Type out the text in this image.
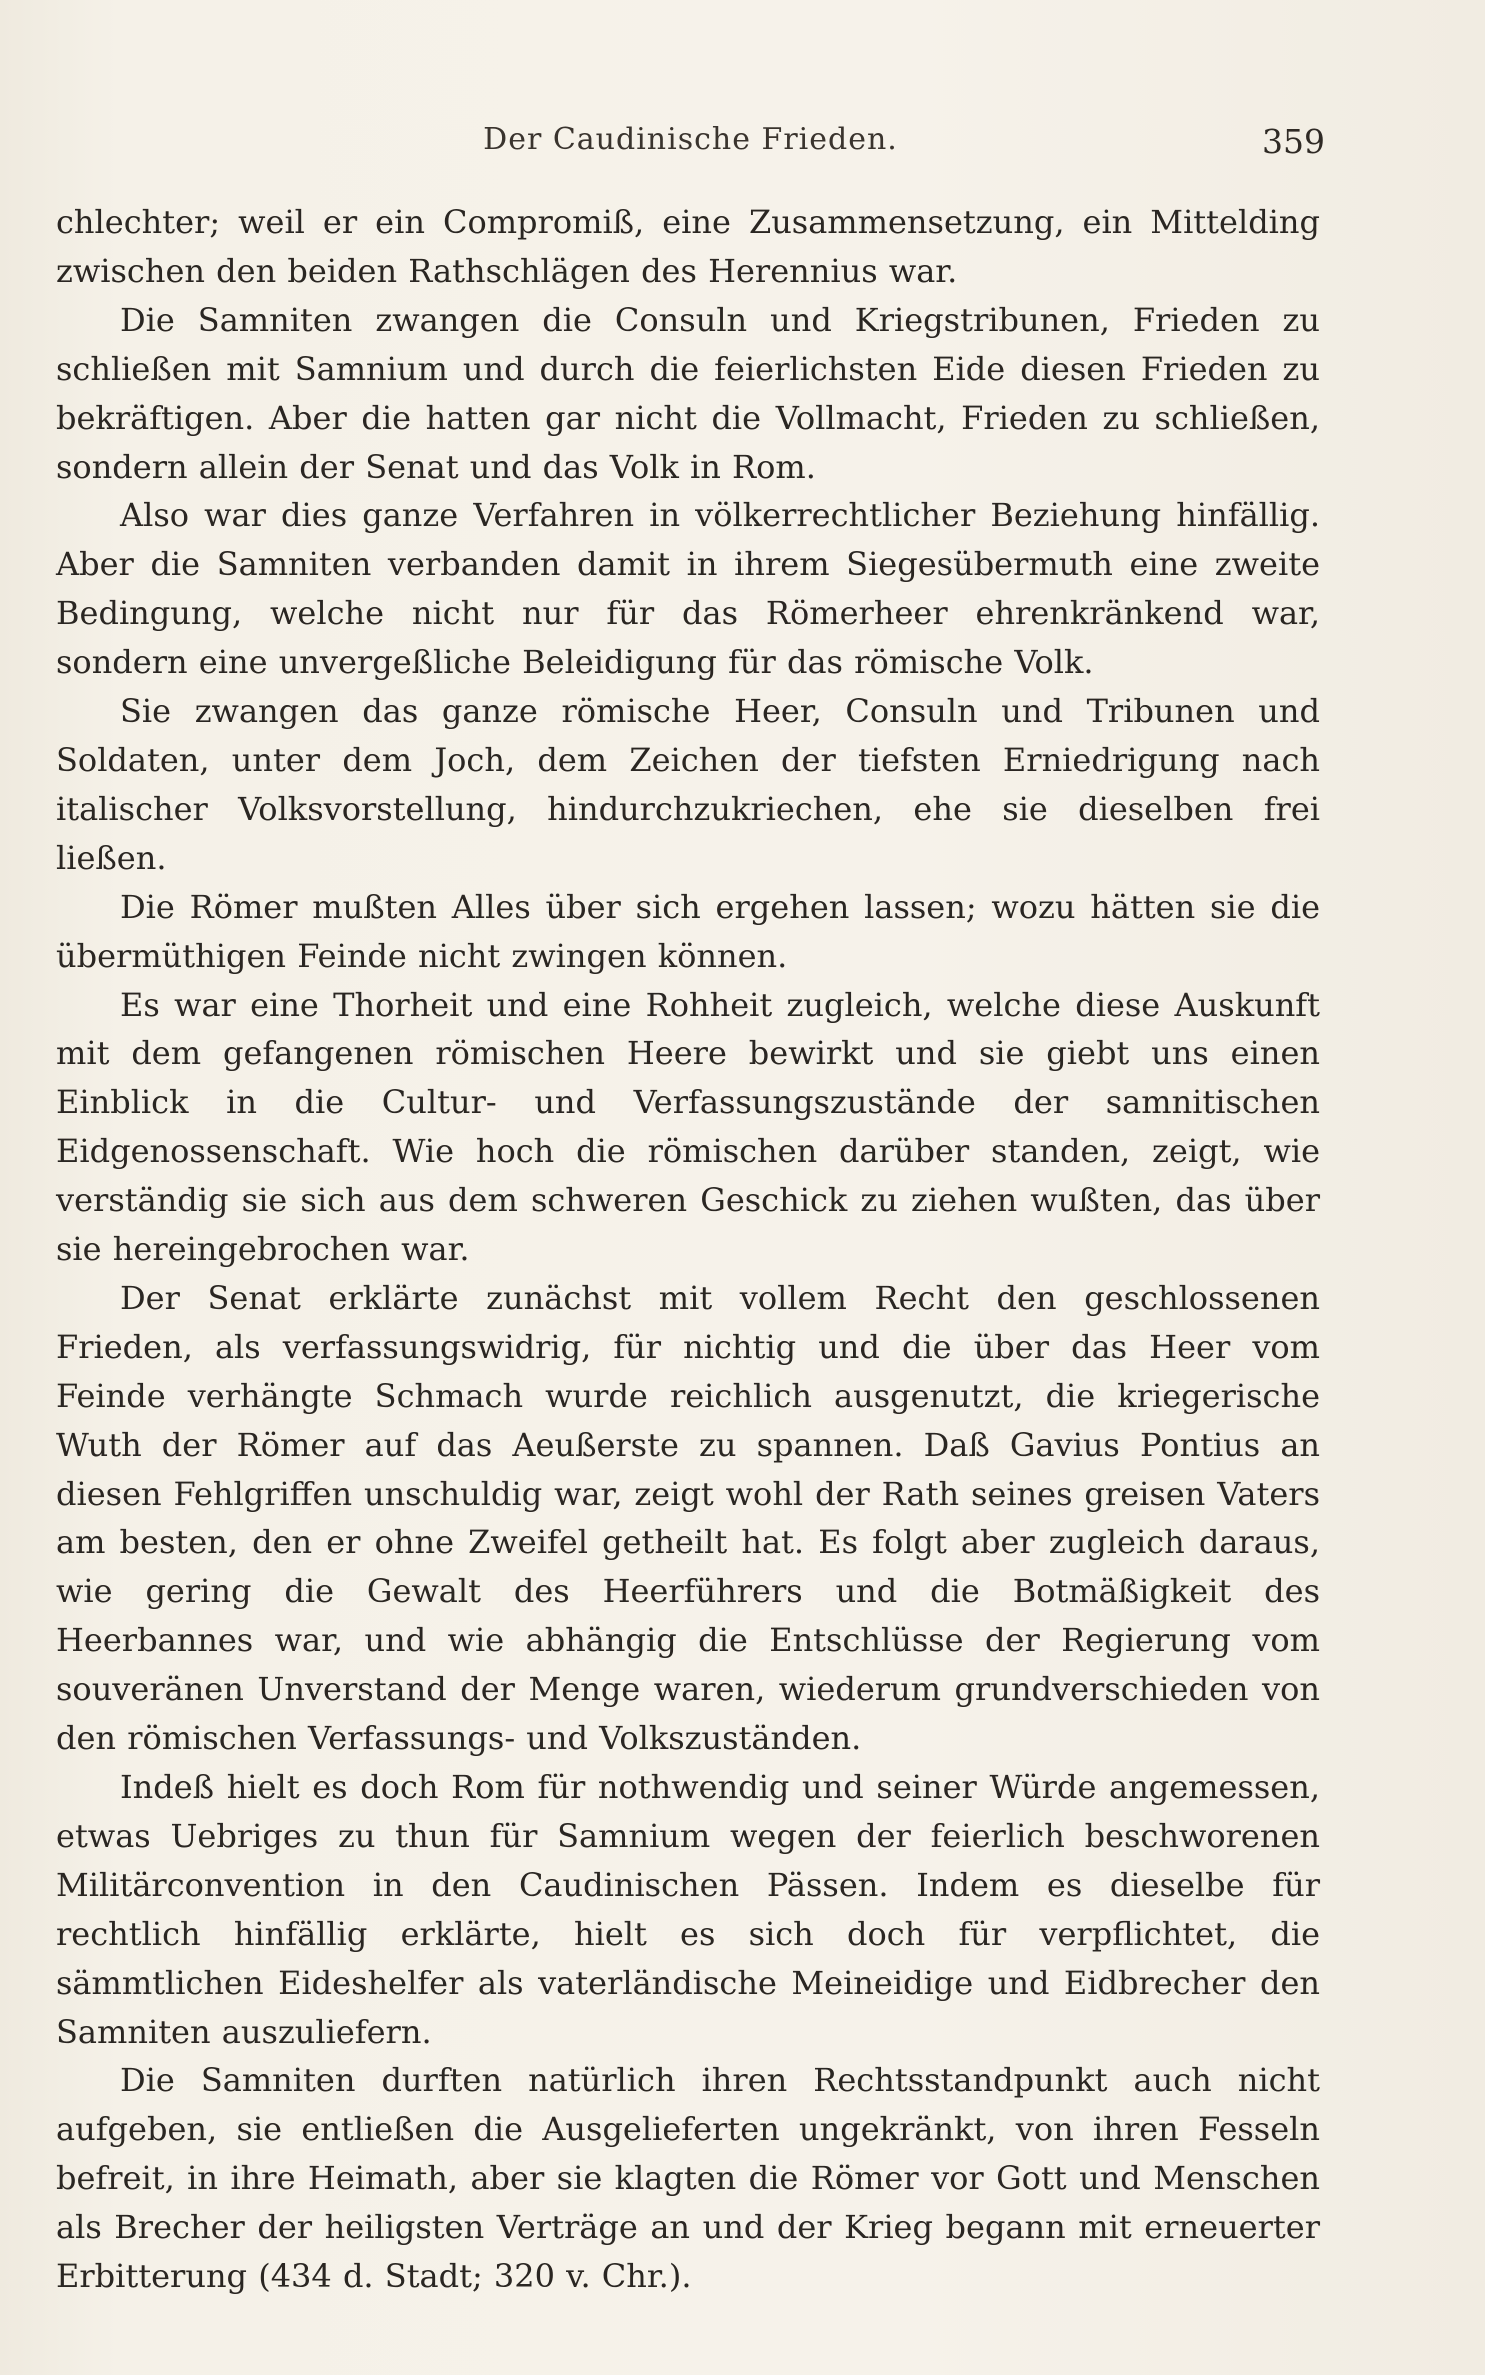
Der Caudinische Frieden.	359

chlechter; weil er ein Compromiß, eine Zusammensetzung, ein Mittelding zwischen den beiden Rathschlägen des Herennius war.

Die Samniten zwangen die Consuln und Kriegstribunen, Frieden zu schließen mit Samnium und durch die feierlichsten Eide diesen Frieden zu bekräftigen. Aber die hatten gar nicht die Vollmacht, Frieden zu schließen, sondern allein der Senat und das Volk in Rom.

Also war dies ganze Verfahren in völkerrechtlicher Beziehung hinfällig. Aber die Samniten verbanden damit in ihrem Siegesübermuth eine zweite Bedingung, welche nicht nur für das Römerheer ehrenkränkend war, sondern eine unvergeßliche Beleidigung für das römische Volk.

Sie zwangen das ganze römische Heer, Consuln und Tribunen und Soldaten, unter dem Joch, dem Zeichen der tiefsten Erniedrigung nach italischer Volksvorstellung, hindurchzukriechen, ehe sie dieselben frei ließen.

Die Römer mußten Alles über sich ergehen lassen; wozu hätten sie die übermüthigen Feinde nicht zwingen können.

Es war eine Thorheit und eine Rohheit zugleich, welche diese Auskunft mit dem gefangenen römischen Heere bewirkt und sie giebt uns einen Einblick in die Cultur- und Verfassungszustände der samnitischen Eidgenossenschaft. Wie hoch die römischen darüber standen, zeigt, wie verständig sie sich aus dem schweren Geschick zu ziehen wußten, das über sie hereingebrochen war.

Der Senat erklärte zunächst mit vollem Recht den geschlossenen Frieden, als verfassungswidrig, für nichtig und die über das Heer vom Feinde verhängte Schmach wurde reichlich ausgenutzt, die kriegerische Wuth der Römer auf das Aeußerste zu spannen. Daß Gavius Pontius an diesen Fehlgriffen unschuldig war, zeigt wohl der Rath seines greisen Vaters am besten, den er ohne Zweifel getheilt hat. Es folgt aber zugleich daraus, wie gering die Gewalt des Heerführers und die Botmäßigkeit des Heerbannes war, und wie abhängig die Entschlüsse der Regierung vom souveränen Unverstand der Menge waren, wiederum grundverschieden von den römischen Verfassungs- und Volkszuständen.

Indeß hielt es doch Rom für nothwendig und seiner Würde angemessen, etwas Uebriges zu thun für Samnium wegen der feierlich beschworenen Militärconvention in den Caudinischen Pässen. Indem es dieselbe für rechtlich hinfällig erklärte, hielt es sich doch für verpflichtet, die sämmtlichen Eideshelfer als vaterländische Meineidige und Eidbrecher den Samniten auszuliefern.

Die Samniten durften natürlich ihren Rechtsstandpunkt auch nicht aufgeben, sie entließen die Ausgelieferten ungekränkt, von ihren Fesseln befreit, in ihre Heimath, aber sie klagten die Römer vor Gott und Menschen als Brecher der heiligsten Verträge an und der Krieg begann mit erneuerter Erbitterung (434 d. Stadt; 320 v. Chr.).
